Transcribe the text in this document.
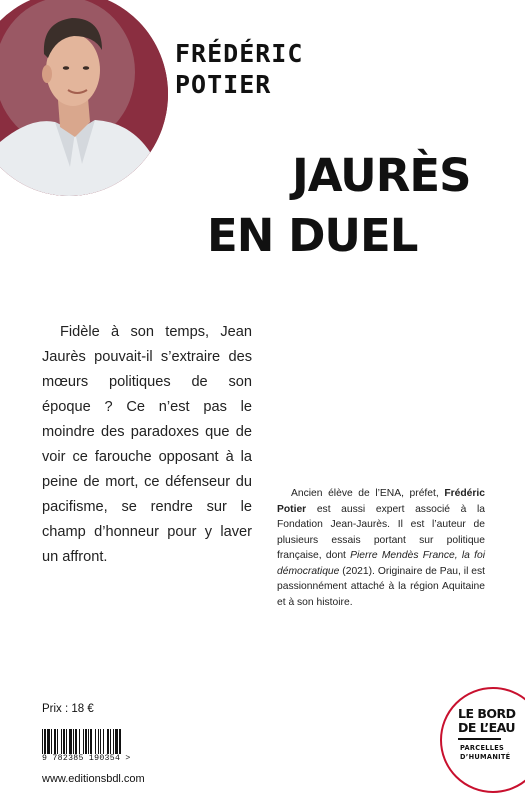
FRÉDÉRIC
POTIER
JAURÈS
EN DUEL

Fidèle à son temps, Jean Jaurès pouvait-il s’extraire des mœurs politiques de son époque ? Ce n’est pas le moindre des paradoxes que de voir ce farouche opposant à la peine de mort, ce défenseur du pacifisme, se rendre sur le champ d’honneur pour y laver un affront.

Ancien élève de l’ENA, préfet, Frédéric Potier est aussi expert associé à la Fondation Jean-Jaurès. Il est l’auteur de plusieurs essais portant sur politique française, dont Pierre Mendès France, la foi démocratique (2021). Originaire de Pau, il est passionnément attaché à la région Aquitaine et à son histoire.

Prix : 18 €
9 782385 190354 >
www.editionsbdl.com
LE BORD
DE L’EAU
PARCELLES
D’HUMANITÉ
